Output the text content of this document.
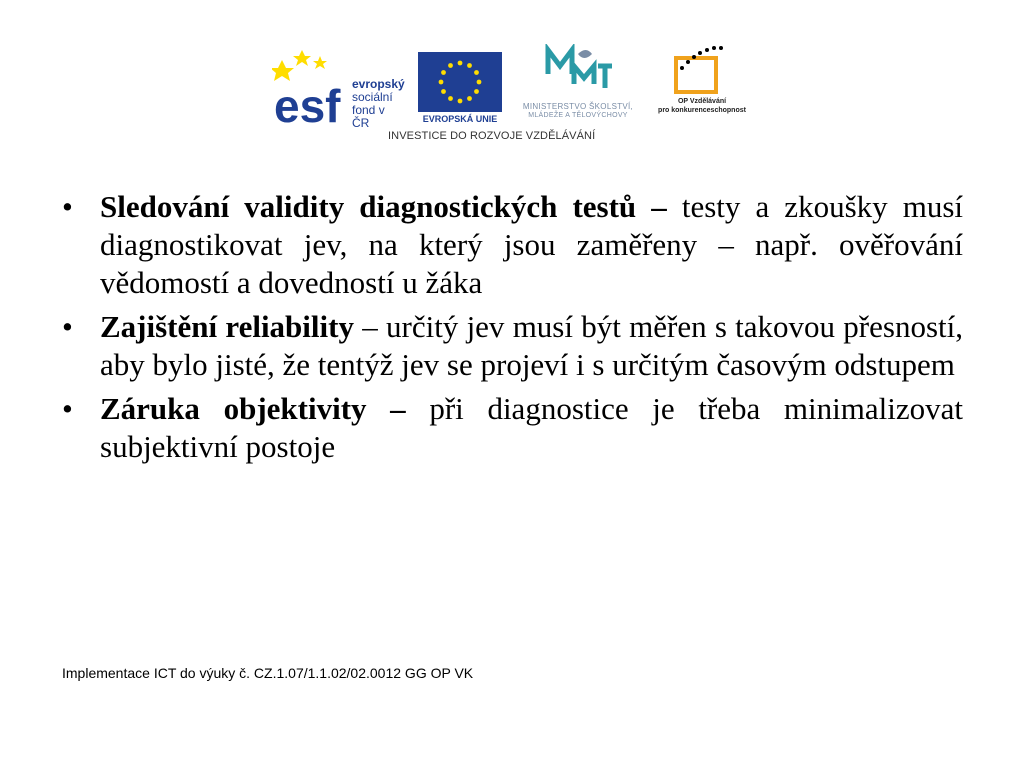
esf evropský
sociální
fond v ČR	EVROPSKÁ UNIE
MINISTERSTVO ŠKOLSTVÍ,
MLÁDEŽE A TĚLOVÝCHOVY
OP Vzdělávání
pro konkurenceschopnost
INVESTICE DO ROZVOJE VZDĚLÁVÁNÍ
• Sledování validity diagnostických testů – testy a zkoušky musí diagnostikovat jev, na který jsou zaměřeny – např. ověřování vědomostí a dovedností u žáka
• Zajištění reliability – určitý jev musí být měřen s takovou přesností, aby bylo jisté, že tentýž jev se projeví i s určitým časovým odstupem
• Záruka objektivity – při diagnostice je třeba minimalizovat subjektivní postoje
Implementace ICT do výuky č. CZ.1.07/1.1.02/02.0012 GG OP VK
